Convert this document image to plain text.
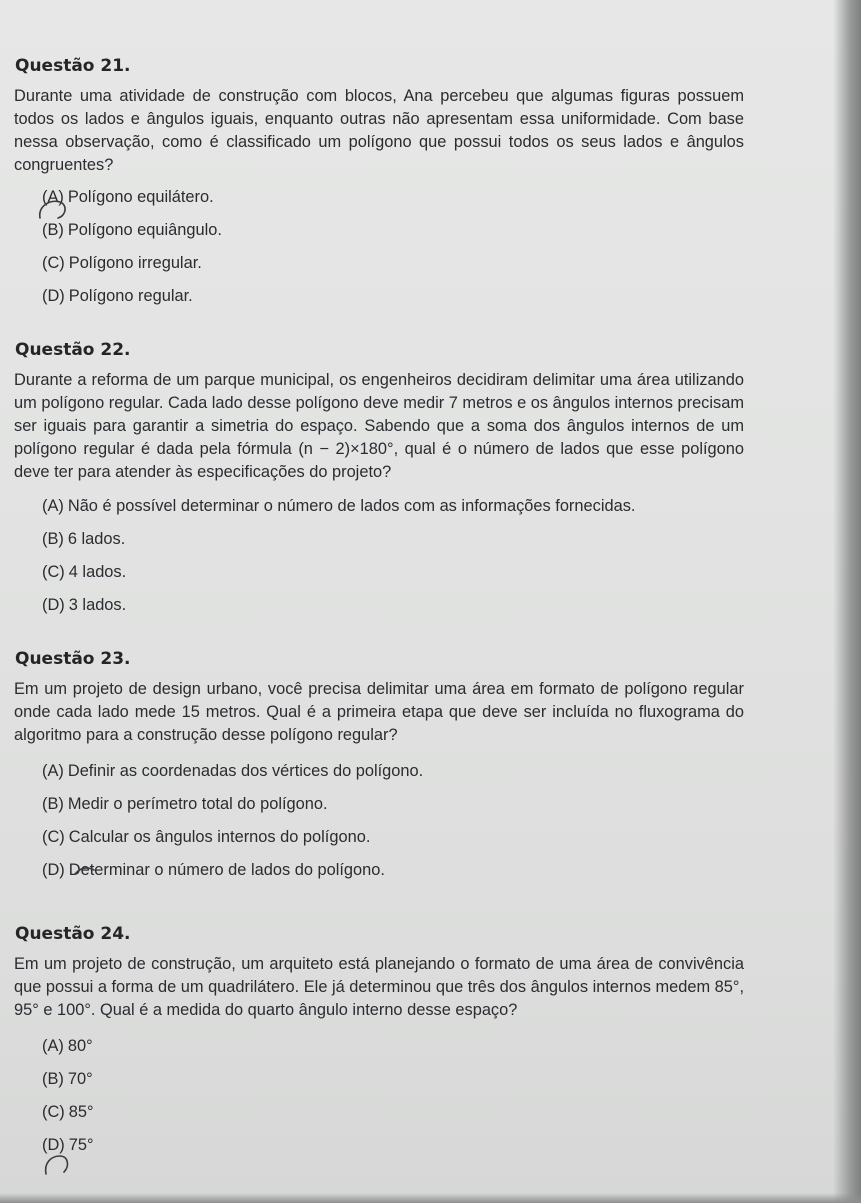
Questão 21.

Durante uma atividade de construção com blocos, Ana percebeu que algumas figuras possuem todos os lados e ângulos iguais, enquanto outras não apresentam essa uniformidade. Com base nessa observação, como é classificado um polígono que possui todos os seus lados e ângulos congruentes?

(A) Polígono equilátero.
(B) Polígono equiângulo.
(C) Polígono irregular.
(D) Polígono regular.
Questão 22.

Durante a reforma de um parque municipal, os engenheiros decidiram delimitar uma área utilizando um polígono regular. Cada lado desse polígono deve medir 7 metros e os ângulos internos precisam ser iguais para garantir a simetria do espaço. Sabendo que a soma dos ângulos internos de um polígono regular é dada pela fórmula (n − 2)×180°, qual é o número de lados que esse polígono deve ter para atender às especificações do projeto?

(A) Não é possível determinar o número de lados com as informações fornecidas.
(B) 6 lados.
(C) 4 lados.
(D) 3 lados.
Questão 23.

Em um projeto de design urbano, você precisa delimitar uma área em formato de polígono regular onde cada lado mede 15 metros. Qual é a primeira etapa que deve ser incluída no fluxograma do algoritmo para a construção desse polígono regular?

(A) Definir as coordenadas dos vértices do polígono.
(B) Medir o perímetro total do polígono.
(C) Calcular os ângulos internos do polígono.
(D) Determinar o número de lados do polígono.
Questão 24.

Em um projeto de construção, um arquiteto está planejando o formato de uma área de convivência que possui a forma de um quadrilátero. Ele já determinou que três dos ângulos internos medem 85°, 95° e 100°. Qual é a medida do quarto ângulo interno desse espaço?

(A) 80°
(B) 70°
(C) 85°
(D) 75°
